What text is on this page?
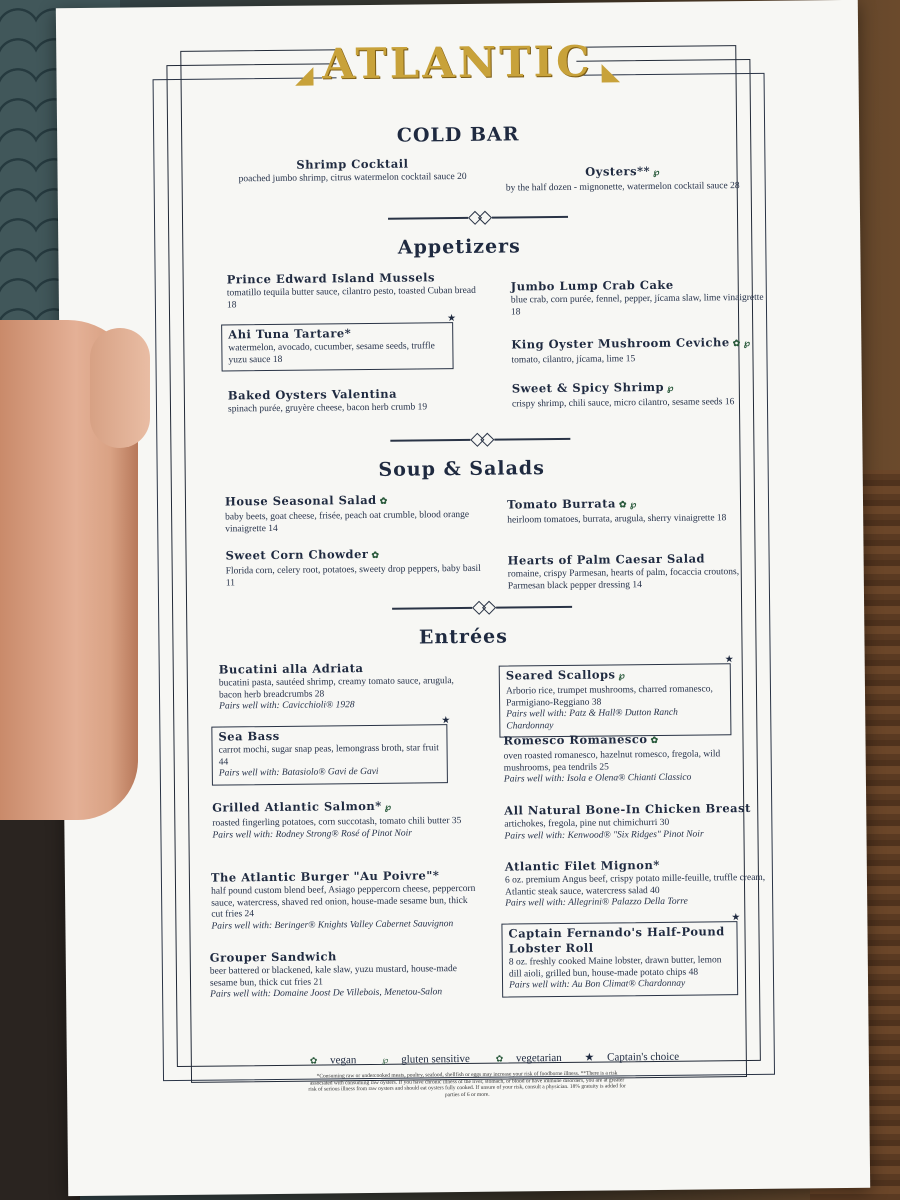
◢ ATLANTIC ◣
COLD BAR
Shrimp Cocktail
poached jumbo shrimp, citrus watermelon cocktail sauce 20	Oysters** ℘
by the half dozen - mignonette, watermelon cocktail sauce 28
Appetizers
Prince Edward Island Mussels
tomatillo tequila butter sauce, cilantro pesto, toasted Cuban bread 18
Jumbo Lump Crab Cake
blue crab, corn purée, fennel, pepper, jícama slaw, lime vinaigrette 18
★
Ahi Tuna Tartare*
watermelon, avocado, cucumber, sesame seeds, truffle yuzu sauce 18
King Oyster Mushroom Ceviche ✿ ℘
tomato, cilantro, jícama, lime 15
Baked Oysters Valentina
spinach purée, gruyère cheese, bacon herb crumb 19
Sweet & Spicy Shrimp ℘
crispy shrimp, chili sauce, micro cilantro, sesame seeds 16
Soup & Salads
House Seasonal Salad ✿
baby beets, goat cheese, frisée, peach oat crumble, blood orange vinaigrette 14
Tomato Burrata ✿ ℘
heirloom tomatoes, burrata, arugula, sherry vinaigrette 18
Sweet Corn Chowder ✿
Florida corn, celery root, potatoes, sweety drop peppers, baby basil 11
Hearts of Palm Caesar Salad
romaine, crispy Parmesan, hearts of palm, focaccia croutons, Parmesan black pepper dressing 14
Entrées
Bucatini alla Adriata
bucatini pasta, sautéed shrimp, creamy tomato sauce, arugula, bacon herb breadcrumbs 28
Pairs well with: Cavicchioli® 1928
★
Seared Scallops ℘
Arborio rice, trumpet mushrooms, charred romanesco, Parmigiano-Reggiano 38
Pairs well with: Patz & Hall® Dutton Ranch Chardonnay
★
Sea Bass
carrot mochi, sugar snap peas, lemongrass broth, star fruit 44
Pairs well with: Batasiolo® Gavi de Gavi
Romesco Romanesco ✿
oven roasted romanesco, hazelnut romesco, fregola, wild mushrooms, pea tendrils 25
Pairs well with: Isola e Olena® Chianti Classico
Grilled Atlantic Salmon* ℘
roasted fingerling potatoes, corn succotash, tomato chili butter 35
Pairs well with: Rodney Strong® Rosé of Pinot Noir
All Natural Bone-In Chicken Breast
artichokes, fregola, pine nut chimichurri 30
Pairs well with: Kenwood® "Six Ridges" Pinot Noir
The Atlantic Burger "Au Poivre"*
half pound custom blend beef, Asiago peppercorn cheese, peppercorn sauce, watercress, shaved red onion, house-made sesame bun, thick cut fries 24
Pairs well with: Beringer® Knights Valley Cabernet Sauvignon
Atlantic Filet Mignon*
6 oz. premium Angus beef, crispy potato mille-feuille, truffle cream, Atlantic steak sauce, watercress salad 40
Pairs well with: Allegrini® Palazzo Della Torre
Grouper Sandwich
beer battered or blackened, kale slaw, yuzu mustard, house-made sesame bun, thick cut fries 21
Pairs well with: Domaine Joost De Villebois, Menetou-Salon
★
Captain Fernando's Half-Pound Lobster Roll
8 oz. freshly cooked Maine lobster, drawn butter, lemon dill aioli, grilled bun, house-made potato chips 48
Pairs well with: Au Bon Climat® Chardonnay
✿ vegan	℘ gluten sensitive	✿ vegetarian ★ Captain's choice
*Consuming raw or undercooked meats, poultry, seafood, shellfish or eggs may increase your risk of foodborne illness. **There is a risk associated with consuming raw oysters. If you have chronic illness of the liver, stomach, or blood or have immune disorders, you are at greater risk of serious illness from raw oysters and should eat oysters fully cooked. If unsure of your risk, consult a physician. 18% gratuity is added for parties of 6 or more.
